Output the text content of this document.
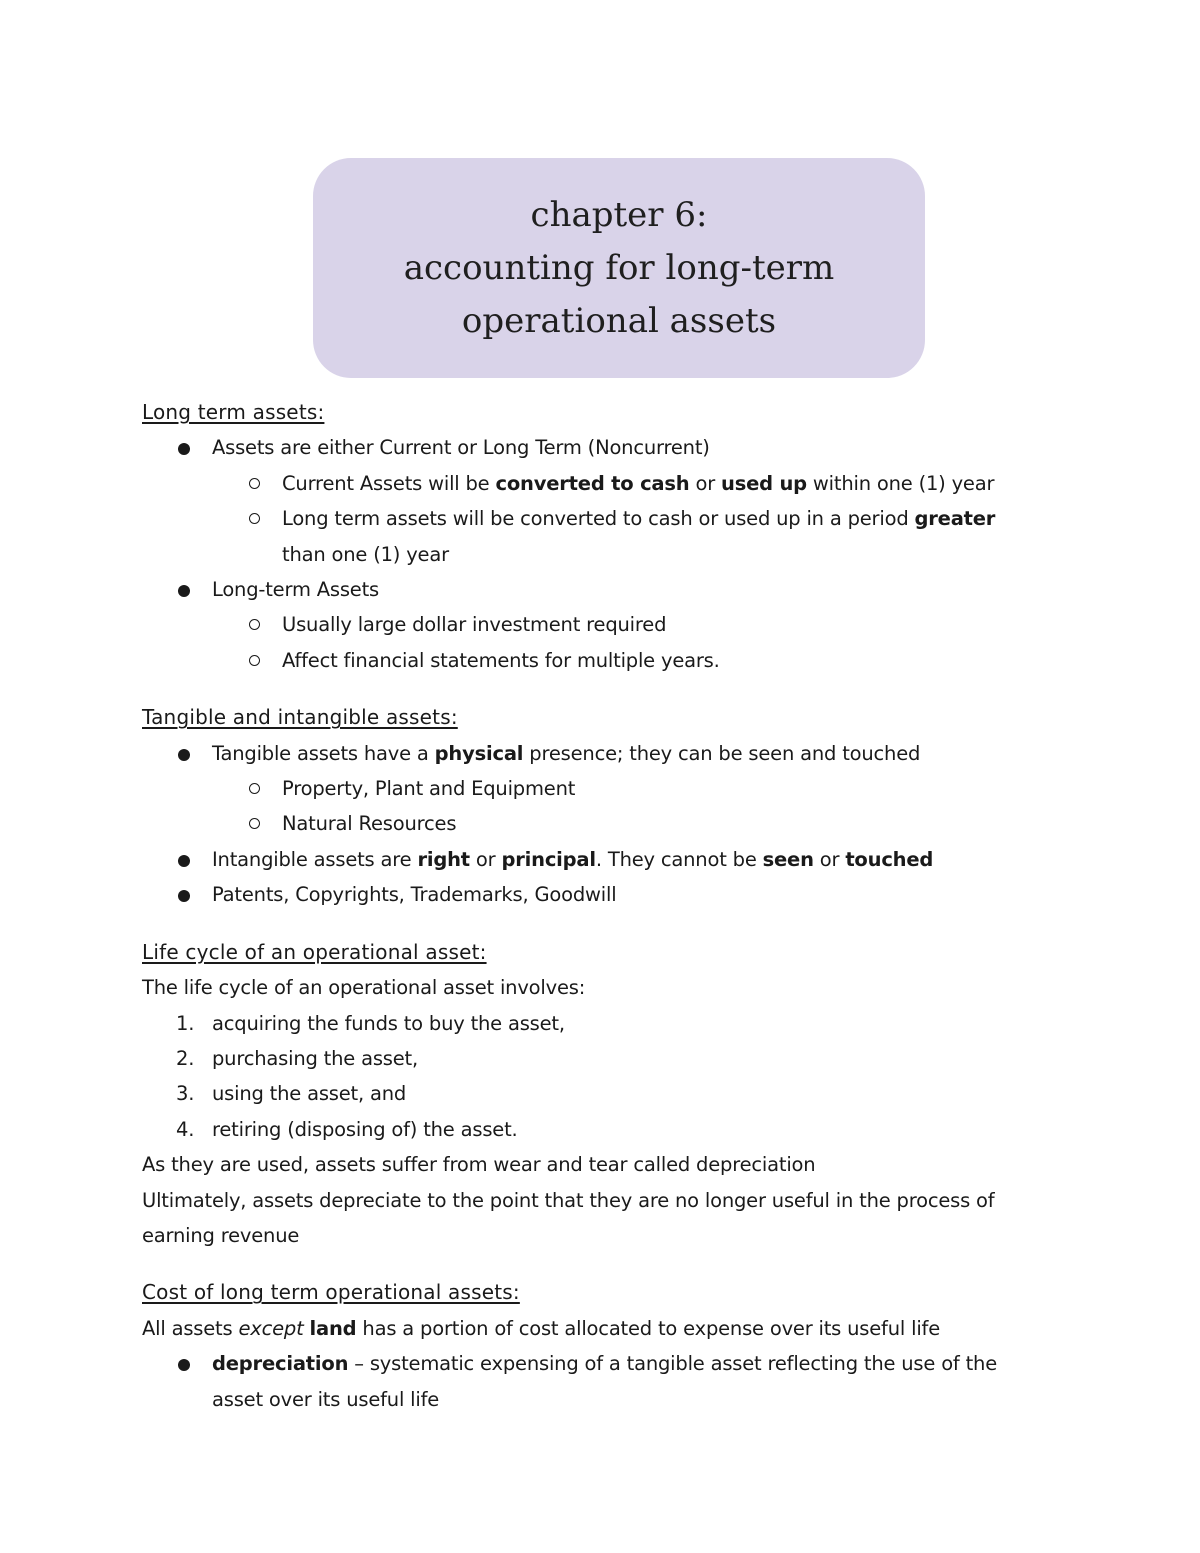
chapter 6:
accounting for long-term
operational assets
Long term assets:
Assets are either Current or Long Term (Noncurrent)
Current Assets will be converted to cash or used up within one (1) year
Long term assets will be converted to cash or used up in a period greater
than one (1) year
Long-term Assets
Usually large dollar investment required
Affect financial statements for multiple years.
Tangible and intangible assets:
Tangible assets have a physical presence; they can be seen and touched
Property, Plant and Equipment
Natural Resources
Intangible assets are right or principal. They cannot be seen or touched
Patents, Copyrights, Trademarks, Goodwill
Life cycle of an operational asset:
The life cycle of an operational asset involves:
1. acquiring the funds to buy the asset,
2. purchasing the asset,
3. using the asset, and
4. retiring (disposing of) the asset.
As they are used, assets suffer from wear and tear called depreciation
Ultimately, assets depreciate to the point that they are no longer useful in the process of
earning revenue
Cost of long term operational assets:
All assets except land has a portion of cost allocated to expense over its useful life
depreciation – systematic expensing of a tangible asset reflecting the use of the
asset over its useful life
